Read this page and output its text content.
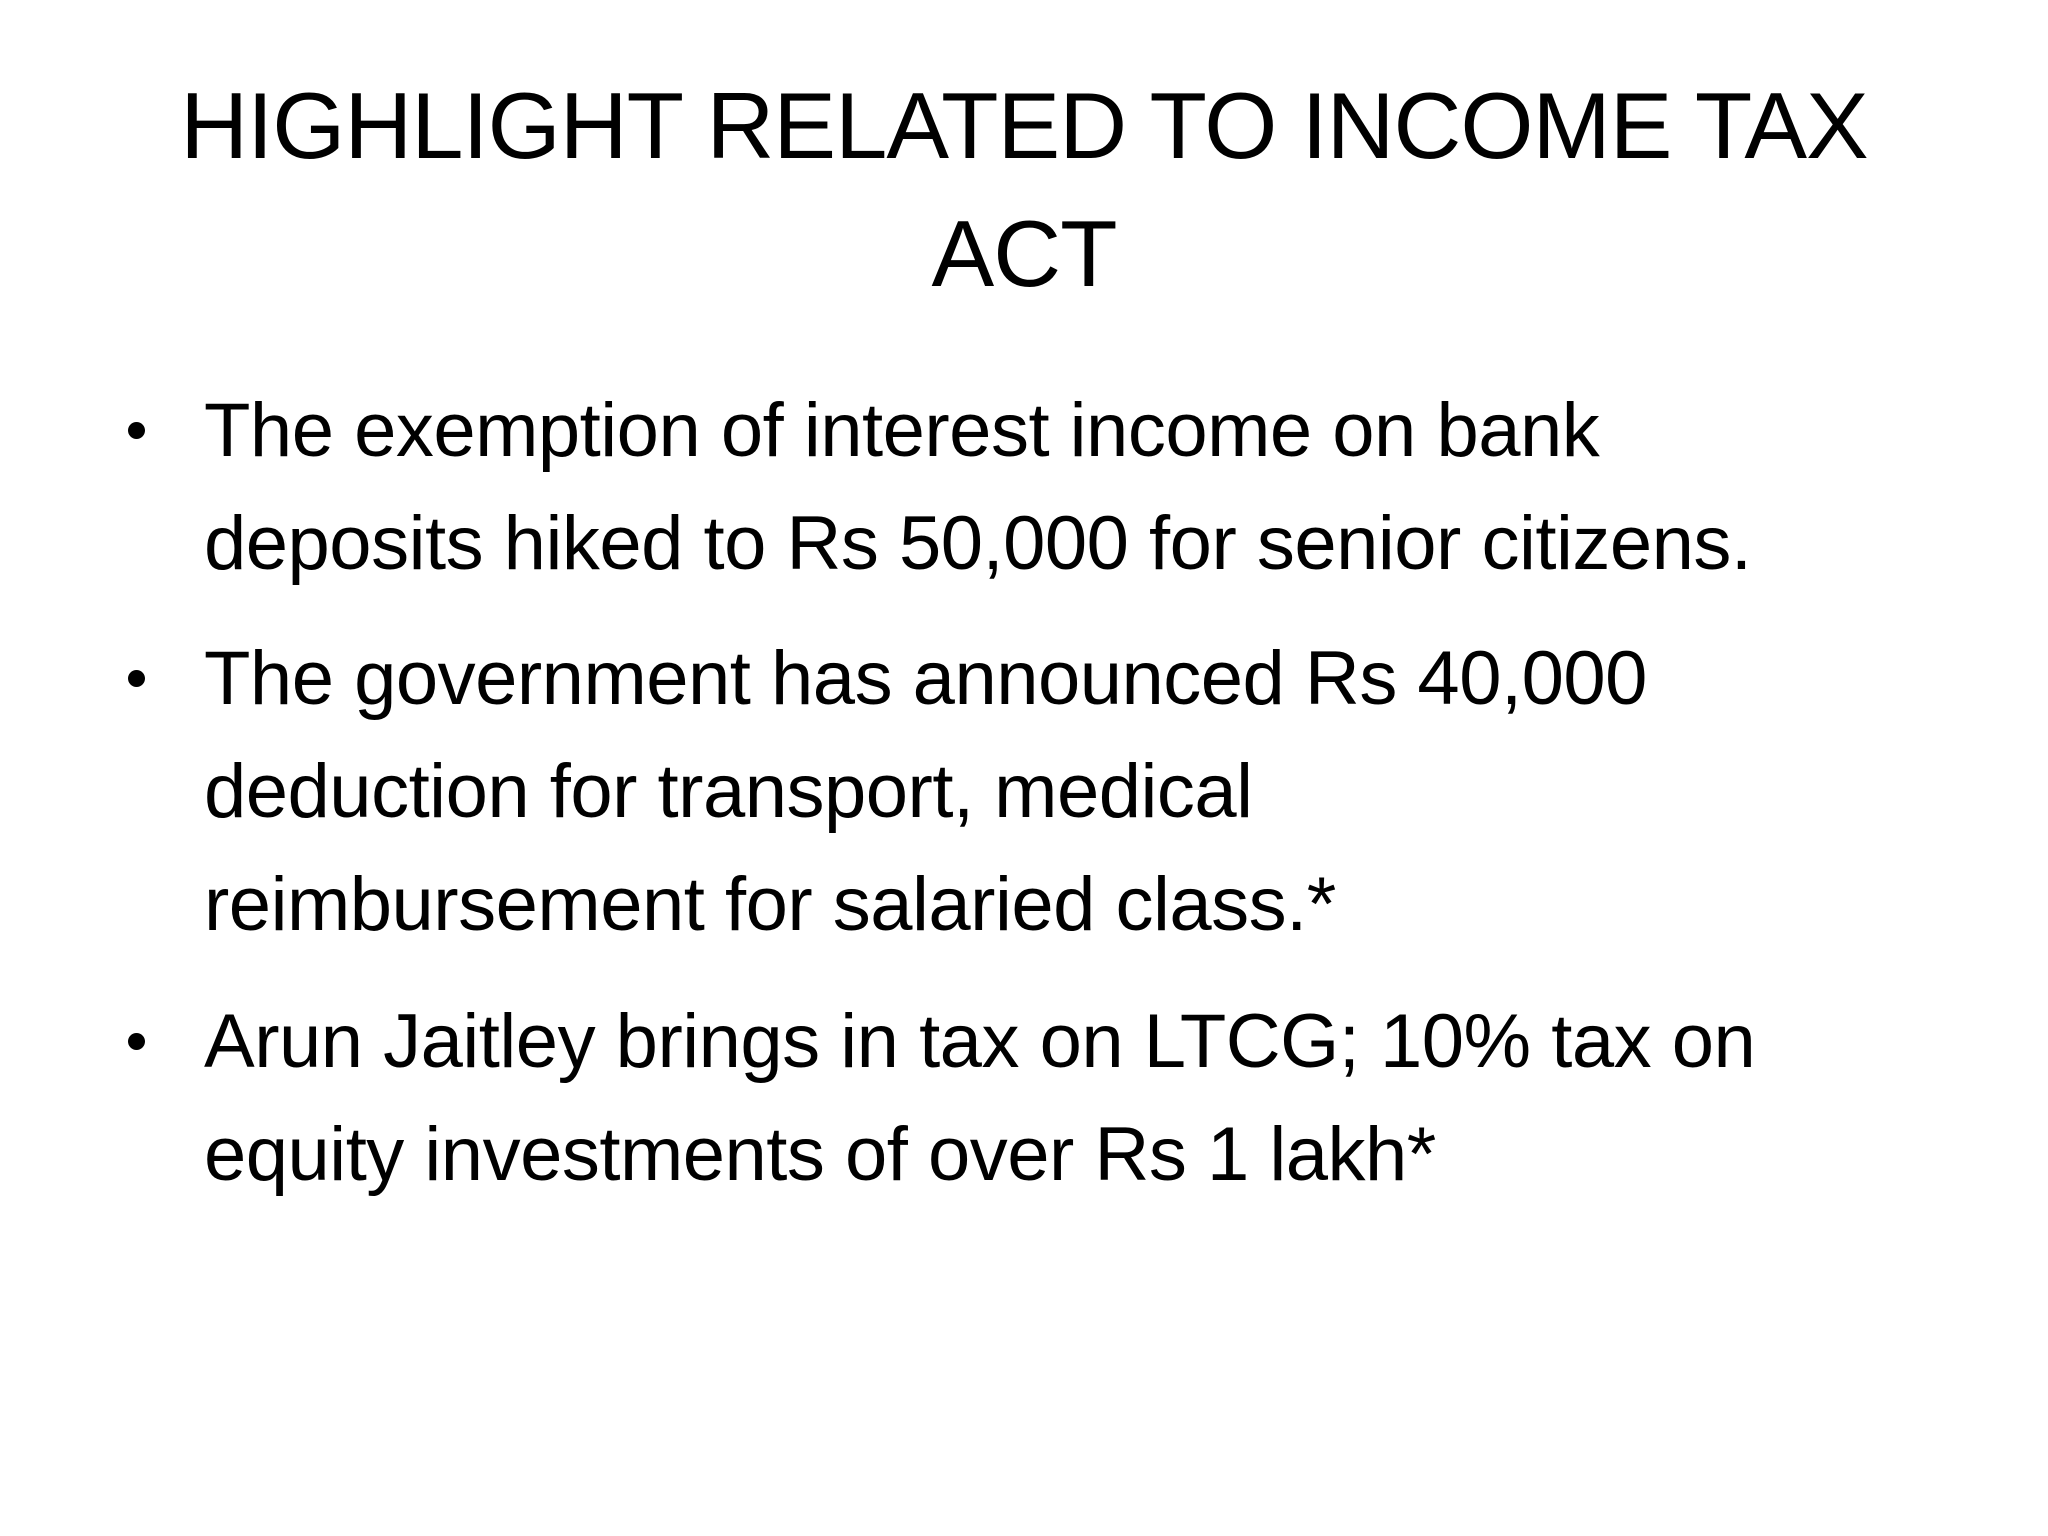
HIGHLIGHT RELATED TO INCOME TAX
ACT
The exemption of interest income on bank
deposits hiked to Rs 50,000 for senior citizens.
The government has announced Rs 40,000
deduction for transport, medical
reimbursement for salaried class.*
Arun Jaitley brings in tax on LTCG; 10% tax on
equity investments of over Rs 1 lakh*
